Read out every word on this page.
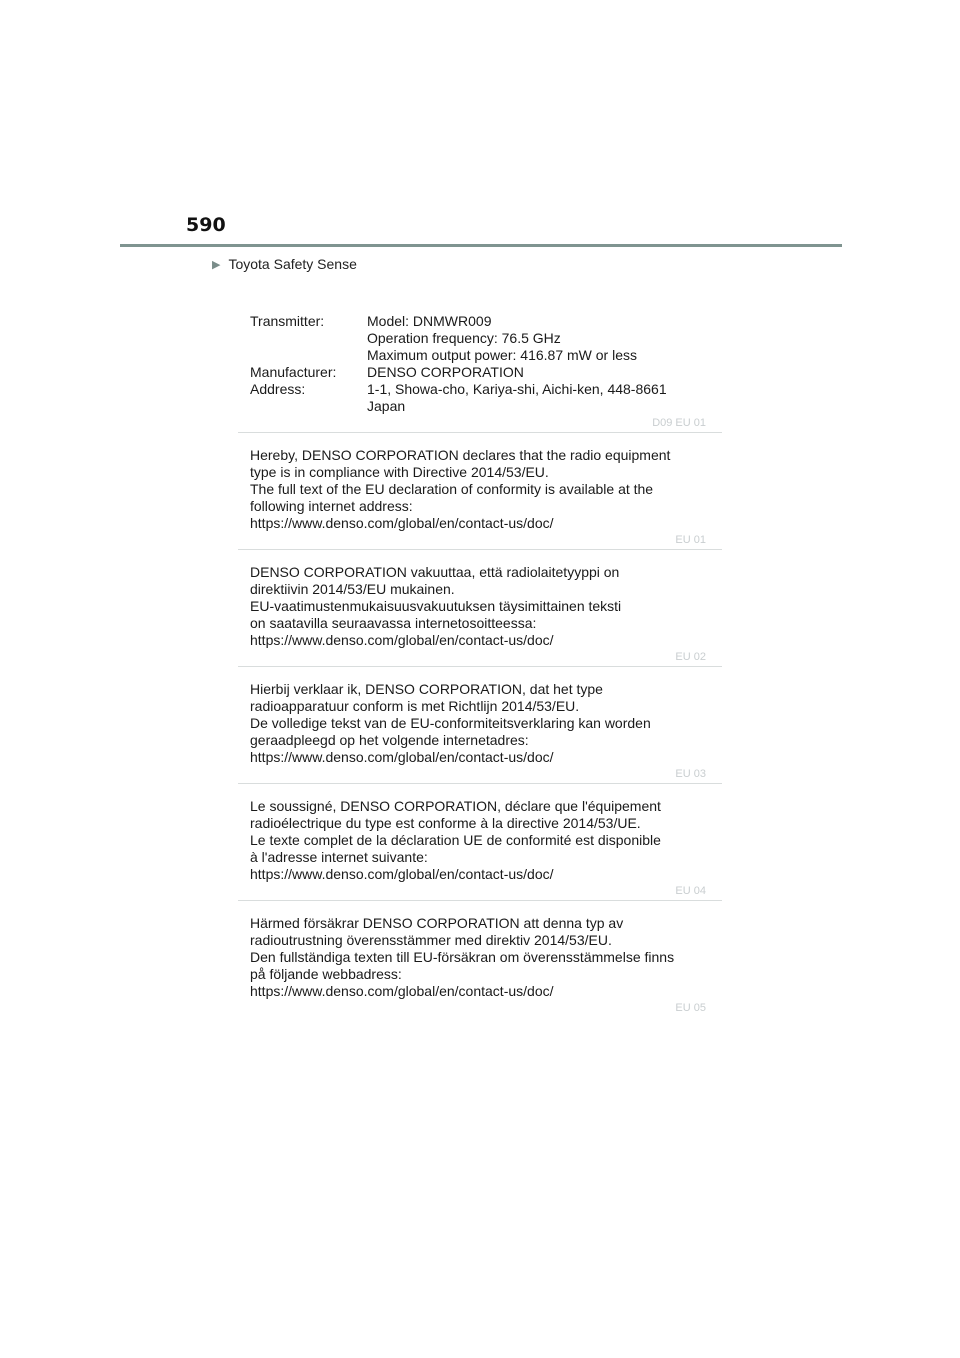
590
▶ Toyota Safety Sense
Transmitter:	Model: DNMWR009
Operation frequency: 76.5 GHz
Maximum output power: 416.87 mW or less
Manufacturer:	DENSO CORPORATION
Address:	1-1, Showa-cho, Kariya-shi, Aichi-ken, 448-8661
Japan
D09 EU 01
Hereby, DENSO CORPORATION declares that the radio equipment
type is in compliance with Directive 2014/53/EU.
The full text of the EU declaration of conformity is available at the
following internet address:
https://www.denso.com/global/en/contact-us/doc/
EU 01
DENSO CORPORATION vakuuttaa, että radiolaitetyyppi on
direktiivin 2014/53/EU mukainen.
EU-vaatimustenmukaisuusvakuutuksen täysimittainen teksti
on saatavilla seuraavassa internetosoitteessa:
https://www.denso.com/global/en/contact-us/doc/
EU 02
Hierbij verklaar ik, DENSO CORPORATION, dat het type
radioapparatuur conform is met Richtlijn 2014/53/EU.
De volledige tekst van de EU-conformiteitsverklaring kan worden
geraadpleegd op het volgende internetadres:
https://www.denso.com/global/en/contact-us/doc/
EU 03
Le soussigné, DENSO CORPORATION, déclare que l'équipement
radioélectrique du type est conforme à la directive 2014/53/UE.
Le texte complet de la déclaration UE de conformité est disponible
à l'adresse internet suivante:
https://www.denso.com/global/en/contact-us/doc/
EU 04
Härmed försäkrar DENSO CORPORATION att denna typ av
radioutrustning överensstämmer med direktiv 2014/53/EU.
Den fullständiga texten till EU-försäkran om överensstämmelse finns
på följande webbadress:
https://www.denso.com/global/en/contact-us/doc/
EU 05
